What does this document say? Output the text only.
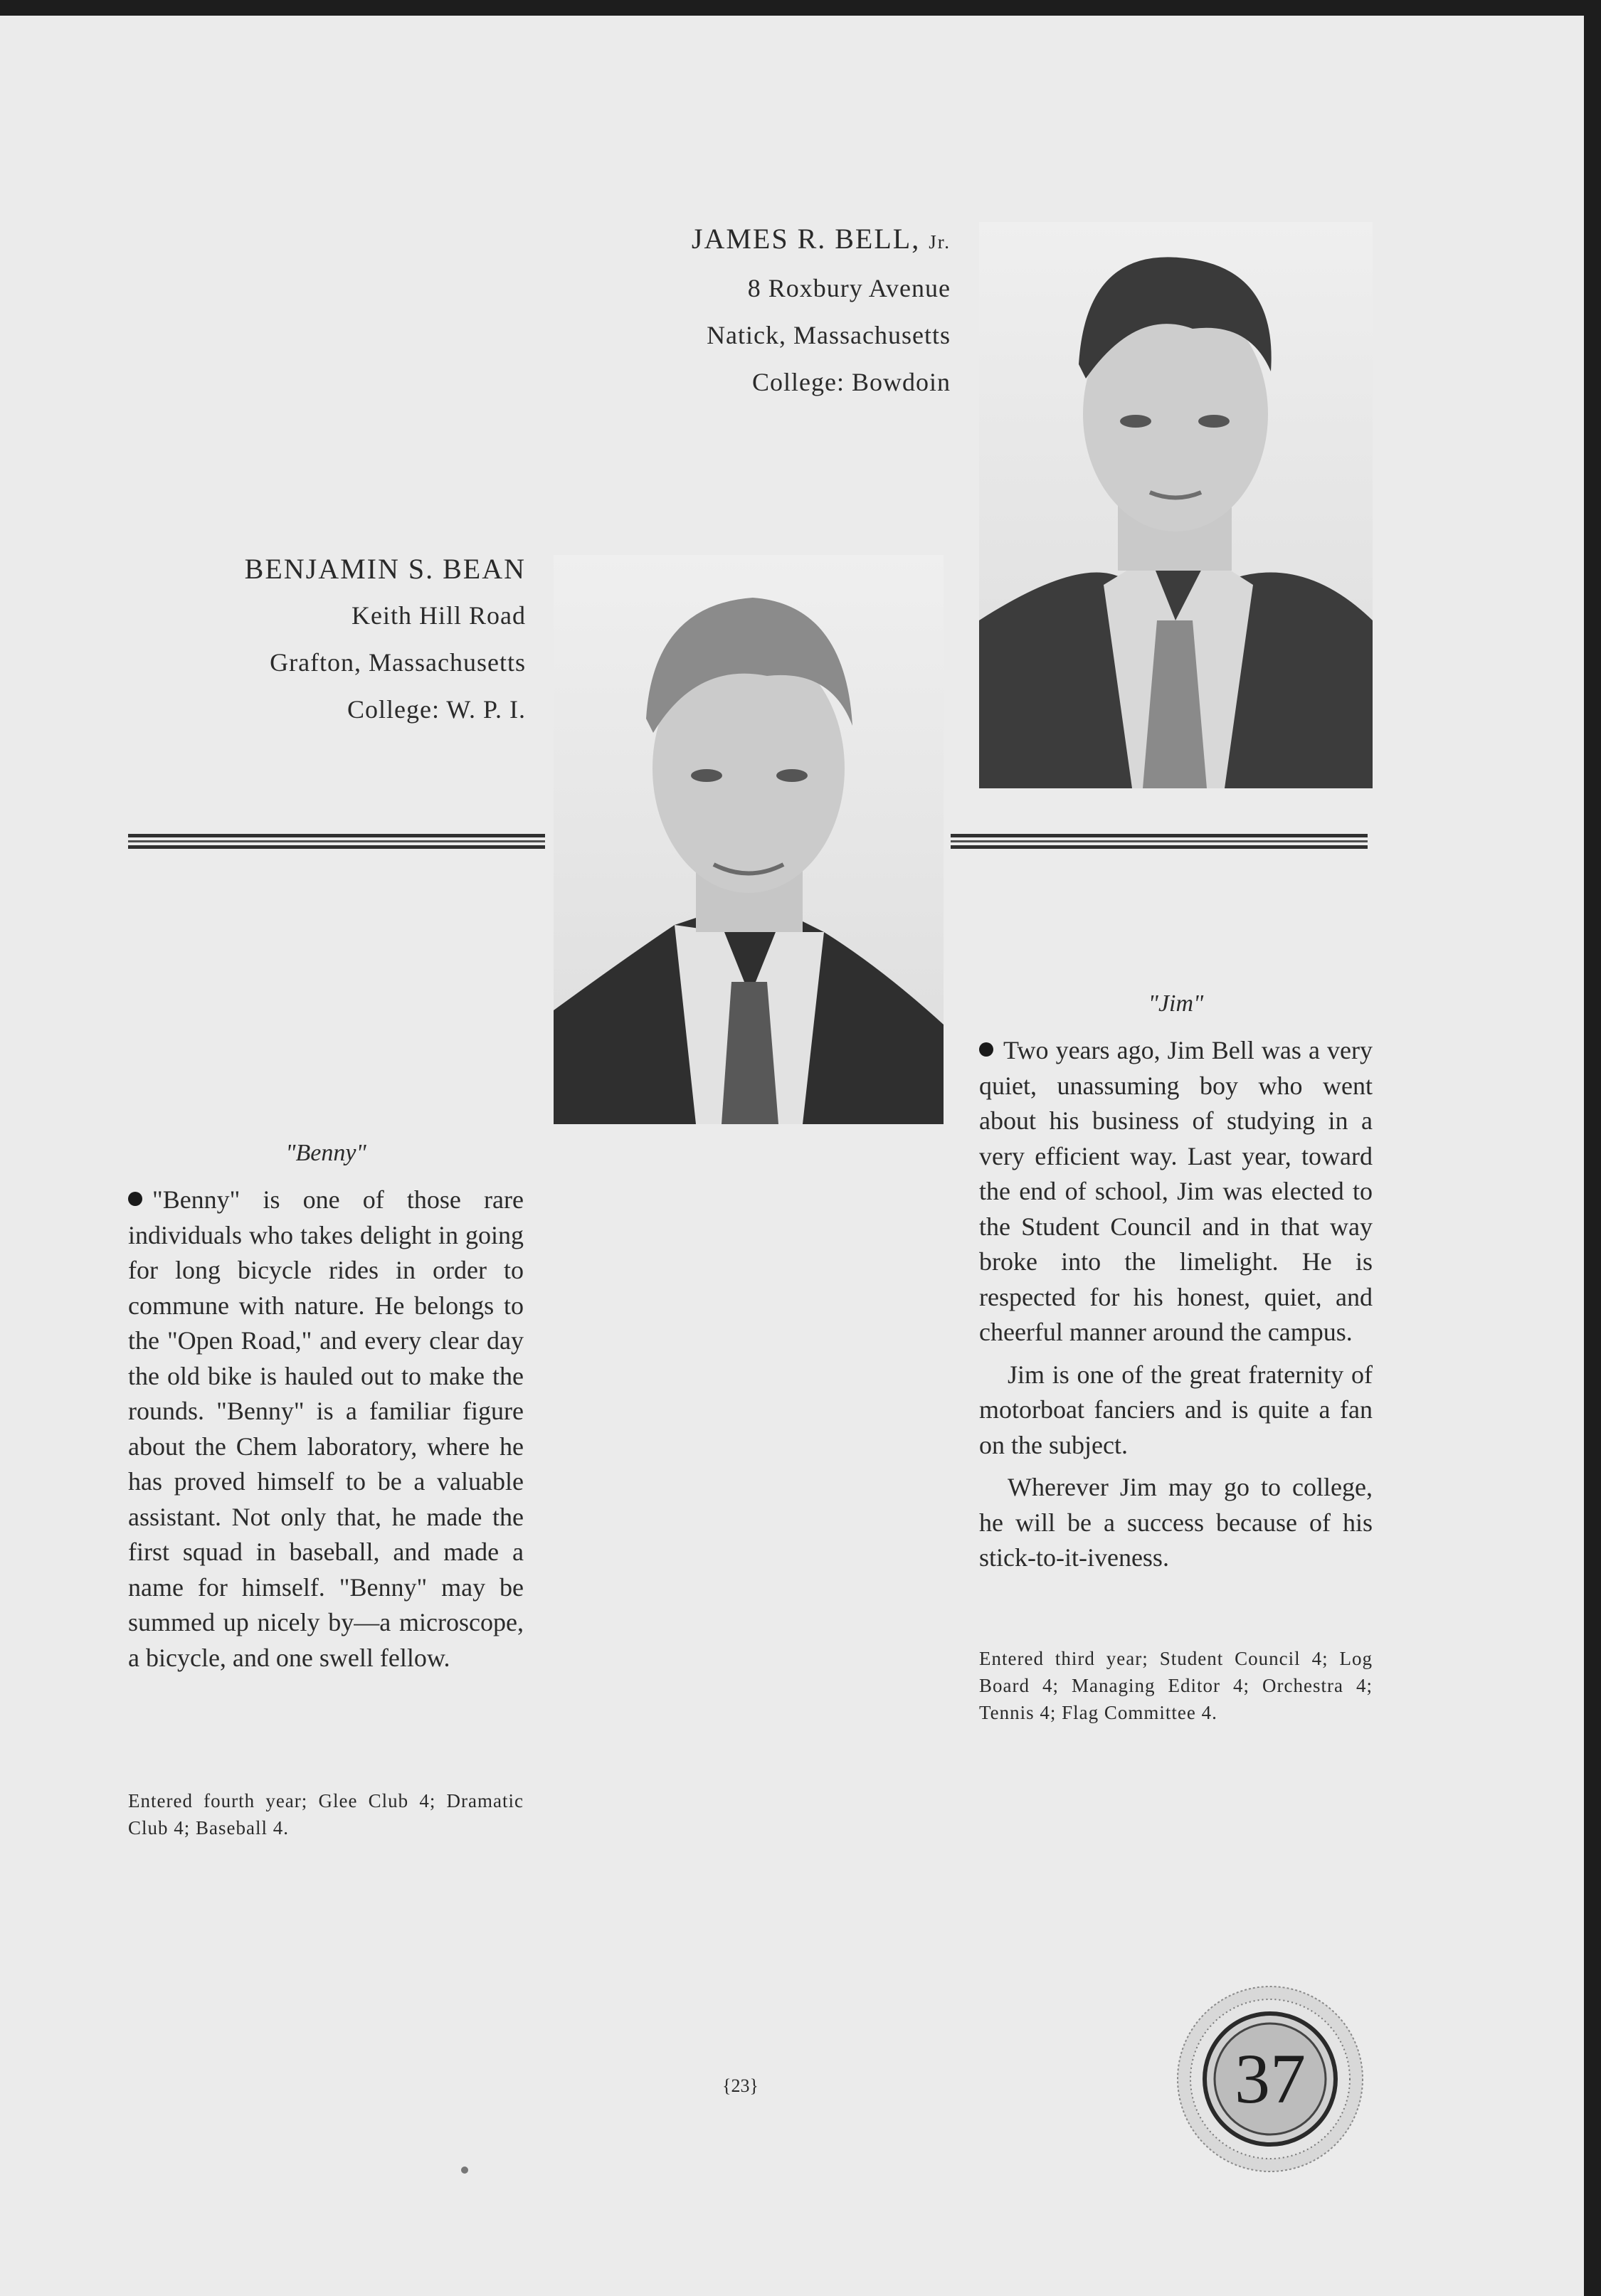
JAMES R. BELL, Jr.
8 Roxbury Avenue
Natick, Massachusetts
College: Bowdoin
BENJAMIN S. BEAN
Keith Hill Road
Grafton, Massachusetts
College: W. P. I.
"Jim"

Two years ago, Jim Bell was a very quiet, unassuming boy who went about his business of studying in a very efficient way. Last year, toward the end of school, Jim was elected to the Student Council and in that way broke into the limelight. He is respected for his honest, quiet, and cheerful manner around the campus.

Jim is one of the great fraternity of motorboat fanciers and is quite a fan on the subject.

Wherever Jim may go to college, he will be a success because of his stick-to-it-iveness.

Entered third year; Student Council 4; Log Board 4; Managing Editor 4; Orchestra 4; Tennis 4; Flag Committee 4.
"Benny"

"Benny" is one of those rare individuals who takes delight in going for long bicycle rides in order to commune with nature. He belongs to the "Open Road," and every clear day the old bike is hauled out to make the rounds. "Benny" is a familiar figure about the Chem laboratory, where he has proved himself to be a valuable assistant. Not only that, he made the first squad in baseball, and made a name for himself. "Benny" may be summed up nicely by—a microscope, a bicycle, and one swell fellow.

Entered fourth year; Glee Club 4; Dramatic Club 4; Baseball 4.
{23}	37
